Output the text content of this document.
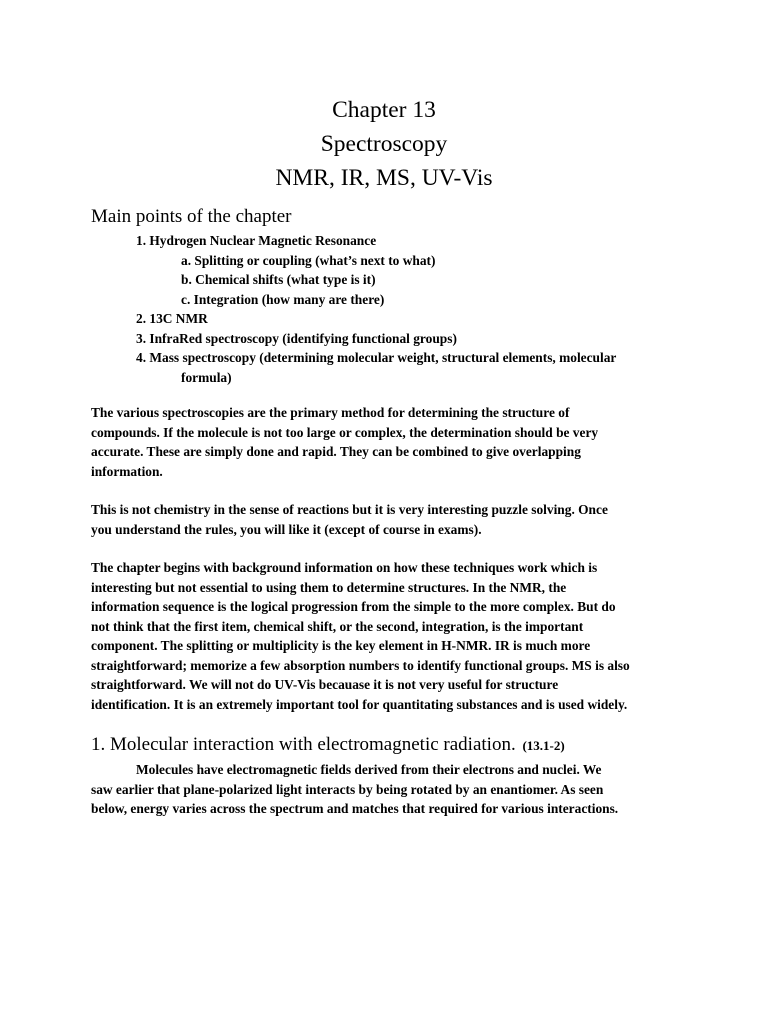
Chapter 13
Spectroscopy
NMR, IR, MS, UV-Vis
Main points of the chapter
1. Hydrogen Nuclear Magnetic Resonance
a. Splitting or coupling (what’s next to what)
b. Chemical shifts (what type is it)
c. Integration (how many are there)
2. 13C NMR
3. InfraRed spectroscopy (identifying functional groups)
4. Mass spectroscopy (determining molecular weight, structural elements, molecular
formula)
The various spectroscopies are the primary method for determining the structure of
compounds. If the molecule is not too large or complex, the determination should be very
accurate. These are simply done and rapid. They can be combined to give overlapping
information.
This is not chemistry in the sense of reactions but it is very interesting puzzle solving. Once
you understand the rules, you will like it (except of course in exams).
The chapter begins with background information on how these techniques work which is
interesting but not essential to using them to determine structures. In the NMR, the
information sequence is the logical progression from the simple to the more complex. But do
not think that the first item, chemical shift, or the second, integration, is the important
component. The splitting or multiplicity is the key element in H-NMR. IR is much more
straightforward; memorize a few absorption numbers to identify functional groups. MS is also
straightforward. We will not do UV-Vis becauase it is not very useful for structure
identification. It is an extremely important tool for quantitating substances and is used widely.
1. Molecular interaction with electromagnetic radiation. (13.1-2)
Molecules have electromagnetic fields derived from their electrons and nuclei. We
saw earlier that plane-polarized light interacts by being rotated by an enantiomer. As seen
below, energy varies across the spectrum and matches that required for various interactions.
